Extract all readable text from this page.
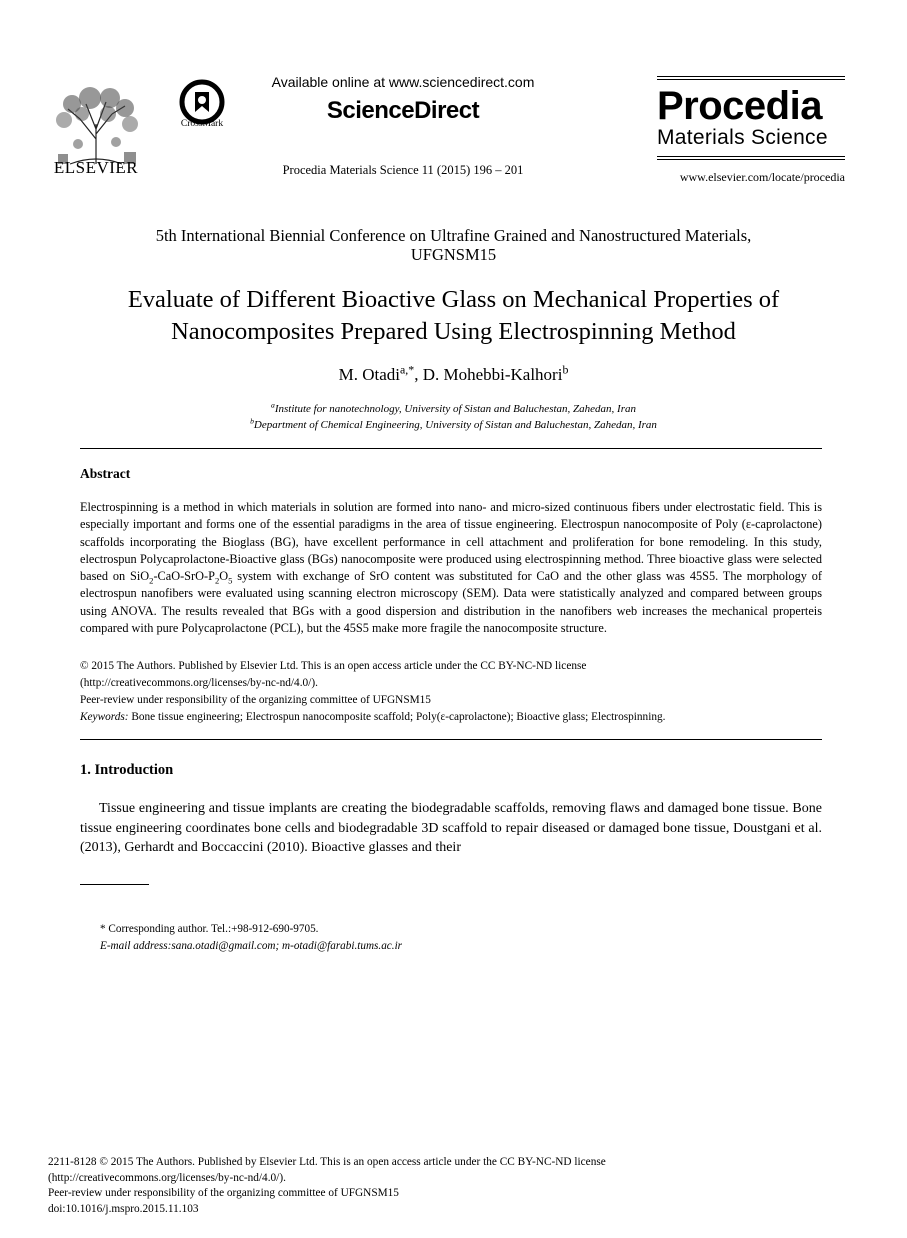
ELSEVIER
CrossMark
Available online at www.sciencedirect.com
ScienceDirect
Procedia Materials Science 11 (2015) 196 – 201
Procedia
Materials Science
www.elsevier.com/locate/procedia
5th International Biennial Conference on Ultrafine Grained and Nanostructured Materials,
UFGNSM15
Evaluate of Different Bioactive Glass on Mechanical Properties of
Nanocomposites Prepared Using Electrospinning Method
M. Otadi$^{a,*}$, D. Mohebbi-Kalhori$^b$
$^a$Institute for nanotechnology, University of Sistan and Baluchestan, Zahedan, Iran
$^b$Department of Chemical Engineering, University of Sistan and Baluchestan, Zahedan, Iran
Abstract
Electrospinning is a method in which materials in solution are formed into nano- and micro-sized continuous fibers under electrostatic field. This is especially important and forms one of the essential paradigms in the area of tissue engineering. Electrospun nanocomposite of Poly (ε-caprolactone) scaffolds incorporating the Bioglass (BG), have excellent performance in cell attachment and proliferation for bone remodeling. In this study, electrospun Polycaprolactone-Bioactive glass (BGs) nanocomposite were produced using electrospinning method. Three bioactive glass were selected based on $SiO_2-CaO-SrO-P_2O_5$ system with exchange of SrO content was substituted for CaO and the other glass was 45S5. The morphology of electrospun nanofibers were evaluated using scanning electron microscopy (SEM). Data were statistically analyzed and compared between groups using ANOVA. The results revealed that BGs with a good dispersion and distribution in the nanofibers web increases the mechanical properteis compared with pure Polycaprolactone (PCL), but the 45S5 make more fragile the nanocomposite structure.
© 2015 The Authors. Published by Elsevier Ltd. This is an open access article under the CC BY-NC-ND license
(http://creativecommons.org/licenses/by-nc-nd/4.0/).
Peer-review under responsibility of the organizing committee of UFGNSM15
Keywords: Bone tissue engineering; Electrospun nanocomposite scaffold; Poly(ε-caprolactone); Bioactive glass; Electrospinning.
1. Introduction
Tissue engineering and tissue implants are creating the biodegradable scaffolds, removing flaws and damaged bone tissue. Bone tissue engineering coordinates bone cells and biodegradable 3D scaffold to repair diseased or damaged bone tissue, Doustgani et al. (2013), Gerhardt and Boccaccini (2010). Bioactive glasses and their
* Corresponding author. Tel.:+98-912-690-9705.
E-mail address:sana.otadi@gmail.com; m-otadi@farabi.tums.ac.ir
2211-8128 © 2015 The Authors. Published by Elsevier Ltd. This is an open access article under the CC BY-NC-ND license
(http://creativecommons.org/licenses/by-nc-nd/4.0/).
Peer-review under responsibility of the organizing committee of UFGNSM15
doi:10.1016/j.mspro.2015.11.103
